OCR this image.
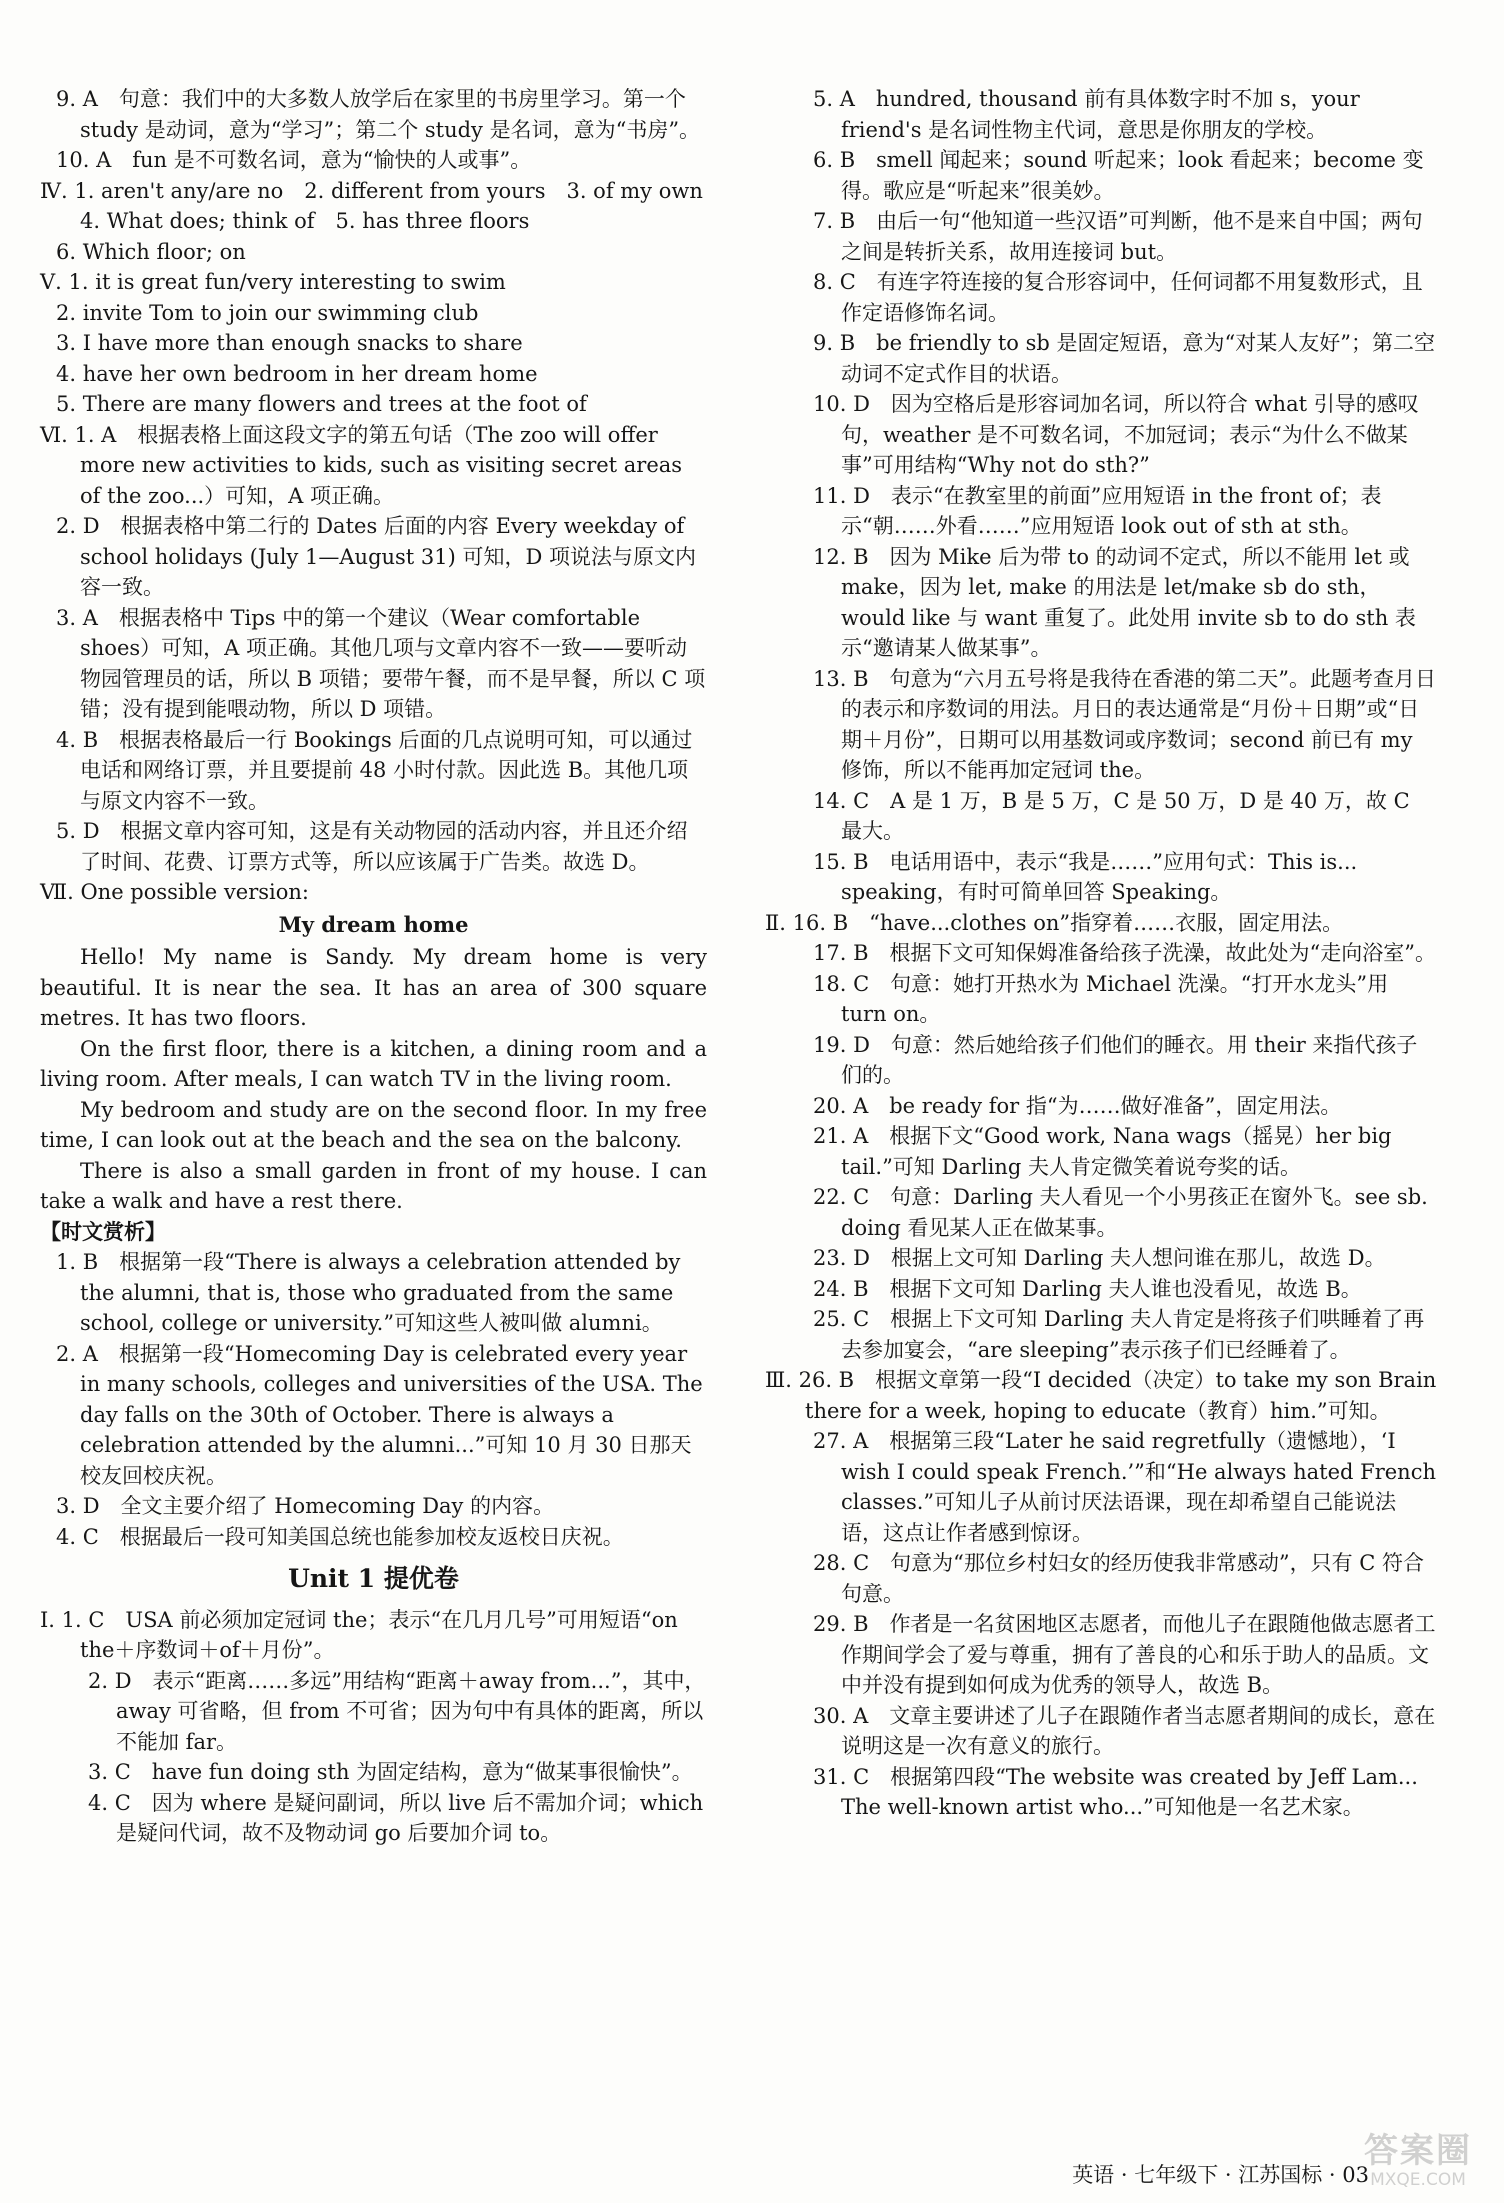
9. A　句意：我们中的大多数人放学后在家里的书房里学习。第一个 study 是动词，意为“学习”；第二个 study 是名词，意为“书房”。

10. A　fun 是不可数名词，意为“愉快的人或事”。

Ⅳ. 1. aren't any/are no　2. different from yours　3. of my own　4. What does; think of　5. has three floors

6. Which floor; on

Ⅴ. 1. it is great fun/very interesting to swim

2. invite Tom to join our swimming club

3. I have more than enough snacks to share

4. have her own bedroom in her dream home

5. There are many flowers and trees at the foot of

Ⅵ. 1. A　根据表格上面这段文字的第五句话（The zoo will offer more new activities to kids, such as visiting secret areas of the zoo...）可知，A 项正确。

2. D　根据表格中第二行的 Dates 后面的内容 Every weekday of school holidays (July 1—August 31) 可知，D 项说法与原文内容一致。

3. A　根据表格中 Tips 中的第一个建议（Wear comfortable shoes）可知，A 项正确。其他几项与文章内容不一致——要听动物园管理员的话，所以 B 项错；要带午餐，而不是早餐，所以 C 项错；没有提到能喂动物，所以 D 项错。

4. B　根据表格最后一行 Bookings 后面的几点说明可知，可以通过电话和网络订票，并且要提前 48 小时付款。因此选 B。其他几项与原文内容不一致。

5. D　根据文章内容可知，这是有关动物园的活动内容，并且还介绍了时间、花费、订票方式等，所以应该属于广告类。故选 D。

Ⅶ. One possible version:

My dream home

Hello! My name is Sandy. My dream home is very beautiful. It is near the sea. It has an area of 300 square metres. It has two floors.

On the first floor, there is a kitchen, a dining room and a living room. After meals, I can watch TV in the living room.

My bedroom and study are on the second floor. In my free time, I can look out at the beach and the sea on the balcony.

There is also a small garden in front of my house. I can take a walk and have a rest there.

【时文赏析】

1. B　根据第一段“There is always a celebration attended by the alumni, that is, those who graduated from the same school, college or university.”可知这些人被叫做 alumni。

2. A　根据第一段“Homecoming Day is celebrated every year in many schools, colleges and universities of the USA. The day falls on the 30th of October. There is always a celebration attended by the alumni...”可知 10 月 30 日那天校友回校庆祝。

3. D　全文主要介绍了 Homecoming Day 的内容。

4. C　根据最后一段可知美国总统也能参加校友返校日庆祝。

Unit 1 提优卷

Ⅰ. 1. C　USA 前必须加定冠词 the；表示“在几月几号”可用短语“on the＋序数词＋of＋月份”。

2. D　表示“距离……多远”用结构“距离＋away from...”，其中，away 可省略，但 from 不可省；因为句中有具体的距离，所以不能加 far。

3. C　have fun doing sth 为固定结构，意为“做某事很愉快”。

4. C　因为 where 是疑问副词，所以 live 后不需加介词；which 是疑问代词，故不及物动词 go 后要加介词 to。

5. A　hundred, thousand 前有具体数字时不加 s，your friend's 是名词性物主代词，意思是你朋友的学校。

6. B　smell 闻起来；sound 听起来；look 看起来；become 变得。歌应是“听起来”很美妙。

7. B　由后一句“他知道一些汉语”可判断，他不是来自中国；两句之间是转折关系，故用连接词 but。

8. C　有连字符连接的复合形容词中，任何词都不用复数形式，且作定语修饰名词。

9. B　be friendly to sb 是固定短语，意为“对某人友好”；第二空动词不定式作目的状语。

10. D　因为空格后是形容词加名词，所以符合 what 引导的感叹句，weather 是不可数名词，不加冠词；表示“为什么不做某事”可用结构“Why not do sth?”

11. D　表示“在教室里的前面”应用短语 in the front of；表示“朝……外看……”应用短语 look out of sth at sth。

12. B　因为 Mike 后为带 to 的动词不定式，所以不能用 let 或 make，因为 let, make 的用法是 let/make sb do sth，would like 与 want 重复了。此处用 invite sb to do sth 表示“邀请某人做某事”。

13. B　句意为“六月五号将是我待在香港的第二天”。此题考查月日的表示和序数词的用法。月日的表达通常是“月份＋日期”或“日期＋月份”，日期可以用基数词或序数词；second 前已有 my 修饰，所以不能再加定冠词 the。

14. C　A 是 1 万，B 是 5 万，C 是 50 万，D 是 40 万，故 C 最大。

15. B　电话用语中，表示“我是……”应用句式：This is... speaking，有时可简单回答 Speaking。

Ⅱ. 16. B　“have...clothes on”指穿着……衣服，固定用法。

17. B　根据下文可知保姆准备给孩子洗澡，故此处为“走向浴室”。

18. C　句意：她打开热水为 Michael 洗澡。“打开水龙头”用 turn on。

19. D　句意：然后她给孩子们他们的睡衣。用 their 来指代孩子们的。

20. A　be ready for 指“为……做好准备”，固定用法。

21. A　根据下文“Good work, Nana wags（摇晃）her big tail.”可知 Darling 夫人肯定微笑着说夸奖的话。

22. C　句意：Darling 夫人看见一个小男孩正在窗外飞。see sb. doing 看见某人正在做某事。

23. D　根据上文可知 Darling 夫人想问谁在那儿，故选 D。

24. B　根据下文可知 Darling 夫人谁也没看见，故选 B。

25. C　根据上下文可知 Darling 夫人肯定是将孩子们哄睡着了再去参加宴会，“are sleeping”表示孩子们已经睡着了。

Ⅲ. 26. B　根据文章第一段“I decided（决定）to take my son Brain there for a week, hoping to educate（教育）him.”可知。

27. A　根据第三段“Later he said regretfully（遗憾地），‘I wish I could speak French.’”和“He always hated French classes.”可知儿子从前讨厌法语课，现在却希望自己能说法语，这点让作者感到惊讶。

28. C　句意为“那位乡村妇女的经历使我非常感动”，只有 C 符合句意。

29. B　作者是一名贫困地区志愿者，而他儿子在跟随他做志愿者工作期间学会了爱与尊重，拥有了善良的心和乐于助人的品质。文中并没有提到如何成为优秀的领导人，故选 B。

30. A　文章主要讲述了儿子在跟随作者当志愿者期间的成长，意在说明这是一次有意义的旅行。

31. C　根据第四段“The website was created by Jeff Lam... The well-known artist who...”可知他是一名艺术家。

英语 · 七年级下 · 江苏国标 · 03
答案圈
MXQE.COM
